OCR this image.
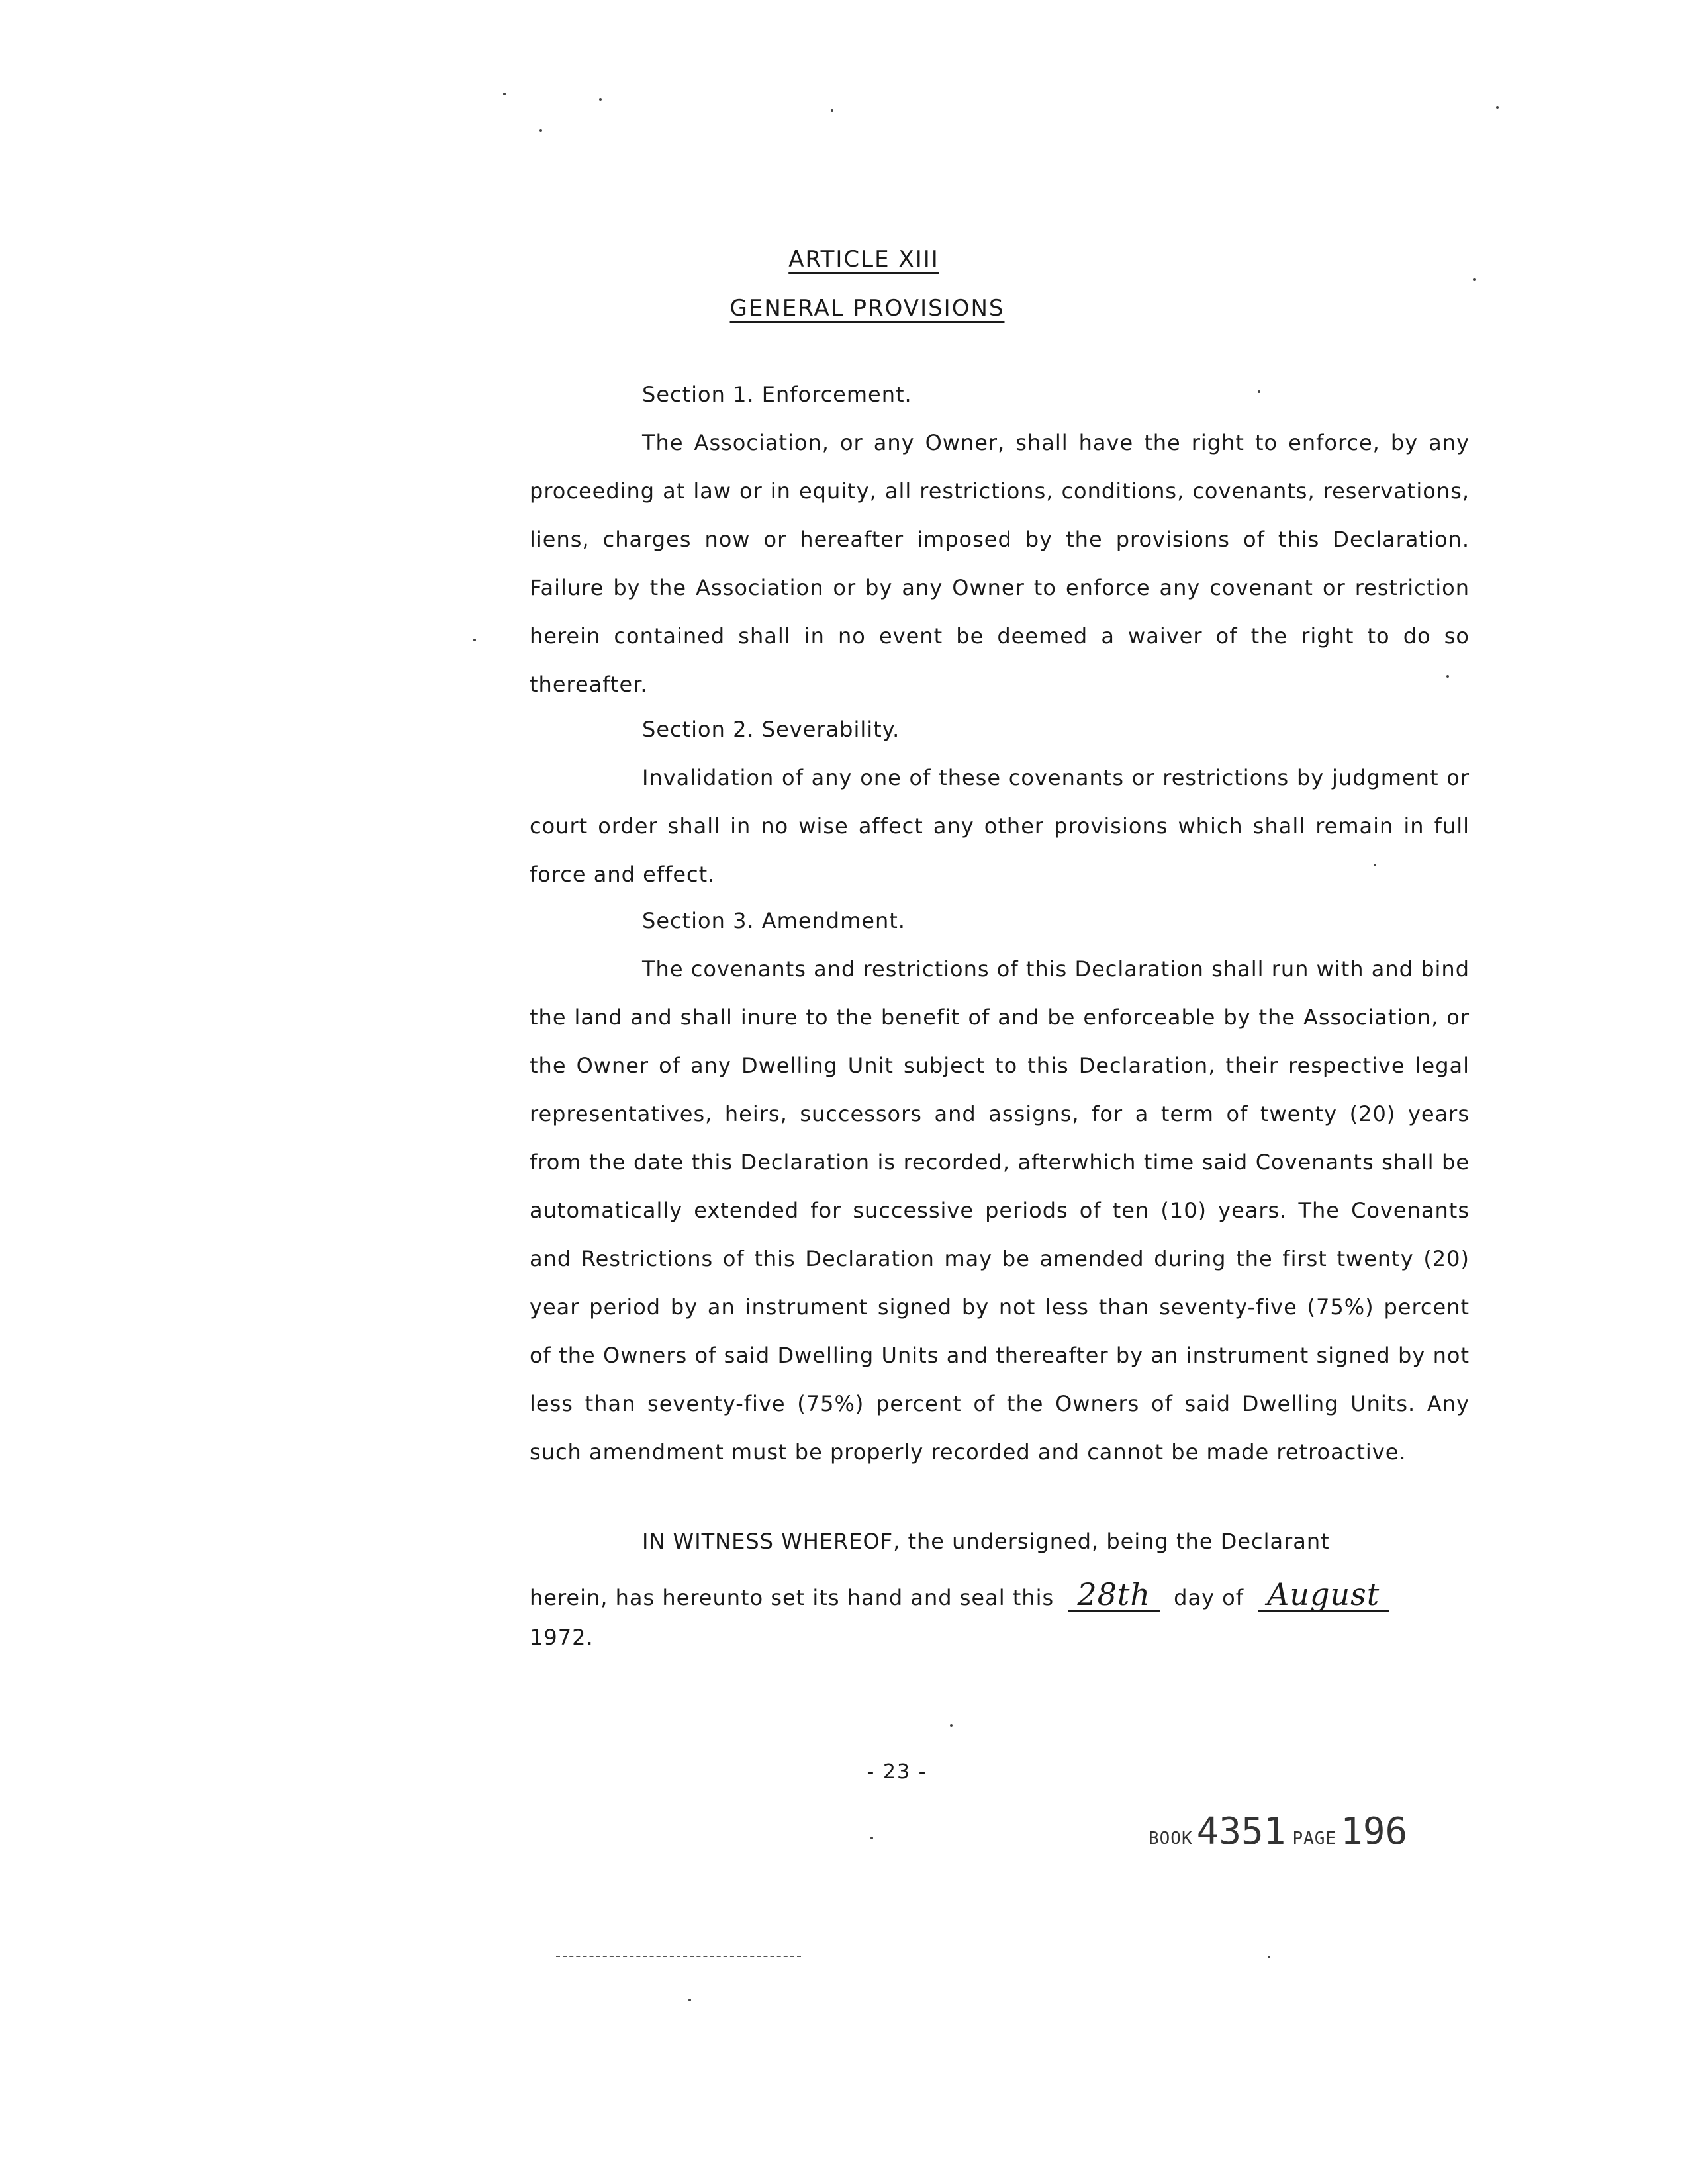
ARTICLE XIII
GENERAL PROVISIONS
Section 1. Enforcement.

The Association, or any Owner, shall have the right to enforce, by any proceeding at law or in equity, all restrictions, conditions, covenants, reservations, liens, charges now or hereafter imposed by the provisions of this Declaration. Failure by the Association or by any Owner to enforce any covenant or restriction herein contained shall in no event be deemed a waiver of the right to do so thereafter.

Section 2. Severability.

Invalidation of any one of these covenants or restrictions by judgment or court order shall in no wise affect any other provisions which shall remain in full force and effect.

Section 3. Amendment.

The covenants and restrictions of this Declaration shall run with and bind the land and shall inure to the benefit of and be enforceable by the Association, or the Owner of any Dwelling Unit subject to this Declaration, their respective legal representatives, heirs, successors and assigns, for a term of twenty (20) years from the date this Declaration is recorded, afterwhich time said Covenants shall be automatically extended for successive periods of ten (10) years. The Covenants and Restrictions of this Declaration may be amended during the first twenty (20) year period by an instrument signed by not less than seventy-five (75%) percent of the Owners of said Dwelling Units and thereafter by an instrument signed by not less than seventy-five (75%) percent of the Owners of said Dwelling Units. Any such amendment must be properly recorded and cannot be made retroactive.

IN WITNESS WHEREOF, the undersigned, being the Declarant
herein, has hereunto set its hand and seal this 28th day of August
1972.
- 23 -
BOOK 4351 PAGE 196
